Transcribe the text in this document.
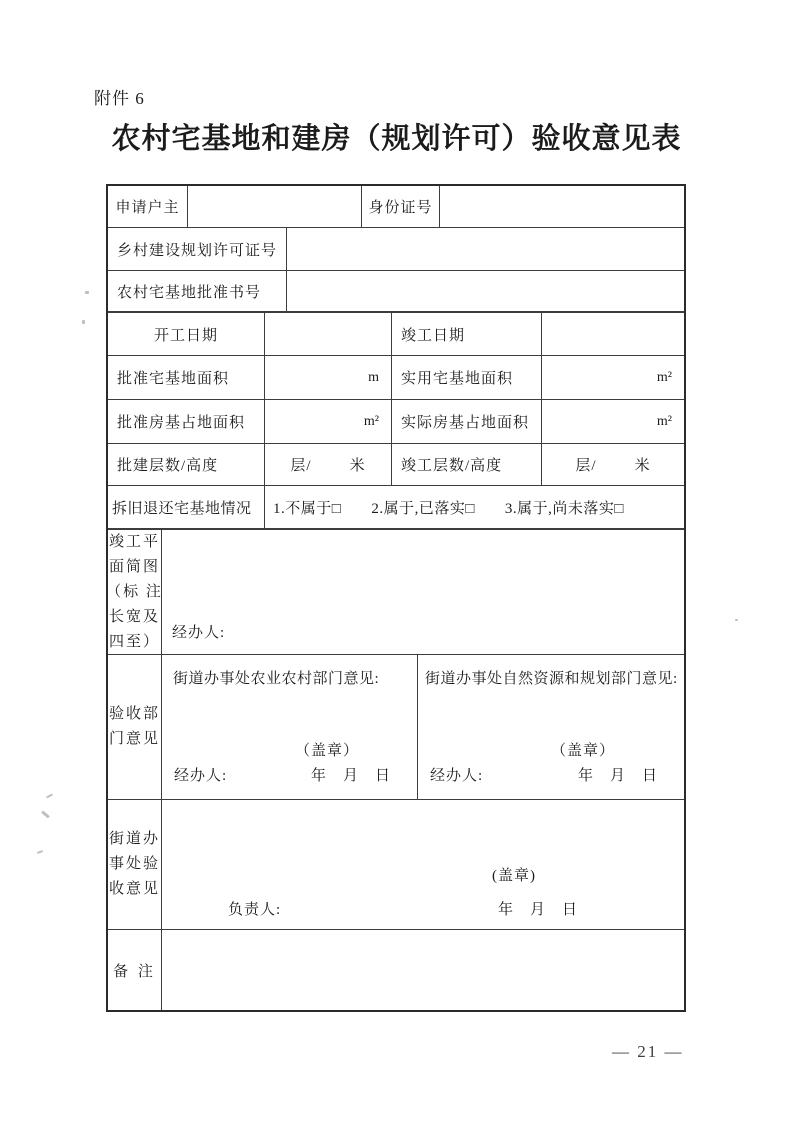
附件 6
农村宅基地和建房（规划许可）验收意见表
申请户主	身份证号
乡村建设规划许可证号
农村宅基地批准书号
开工日期	竣工日期
批准宅基地面积	m	实用宅基地面积	m²
批准房基占地面积	m²	实际房基占地面积	m²
批建层数/高度	层/	米	竣工层数/高度	层/	米
拆旧退还宅基地情况	1.不属于□ 2.属于,已落实□ 3.属于,尚未落实□
竣工平
面简图
（标 注
长宽及
四至）
经办人:
验收部
门意见
街道办事处农业农村部门意见:
（盖章）
经办人:	年　月　日
街道办事处自然资源和规划部门意见:
（盖章）
经办人:	年　月　日
街道办
事处验
收意见
(盖章)
负责人:	年　月　日
备 注
— 21 —
